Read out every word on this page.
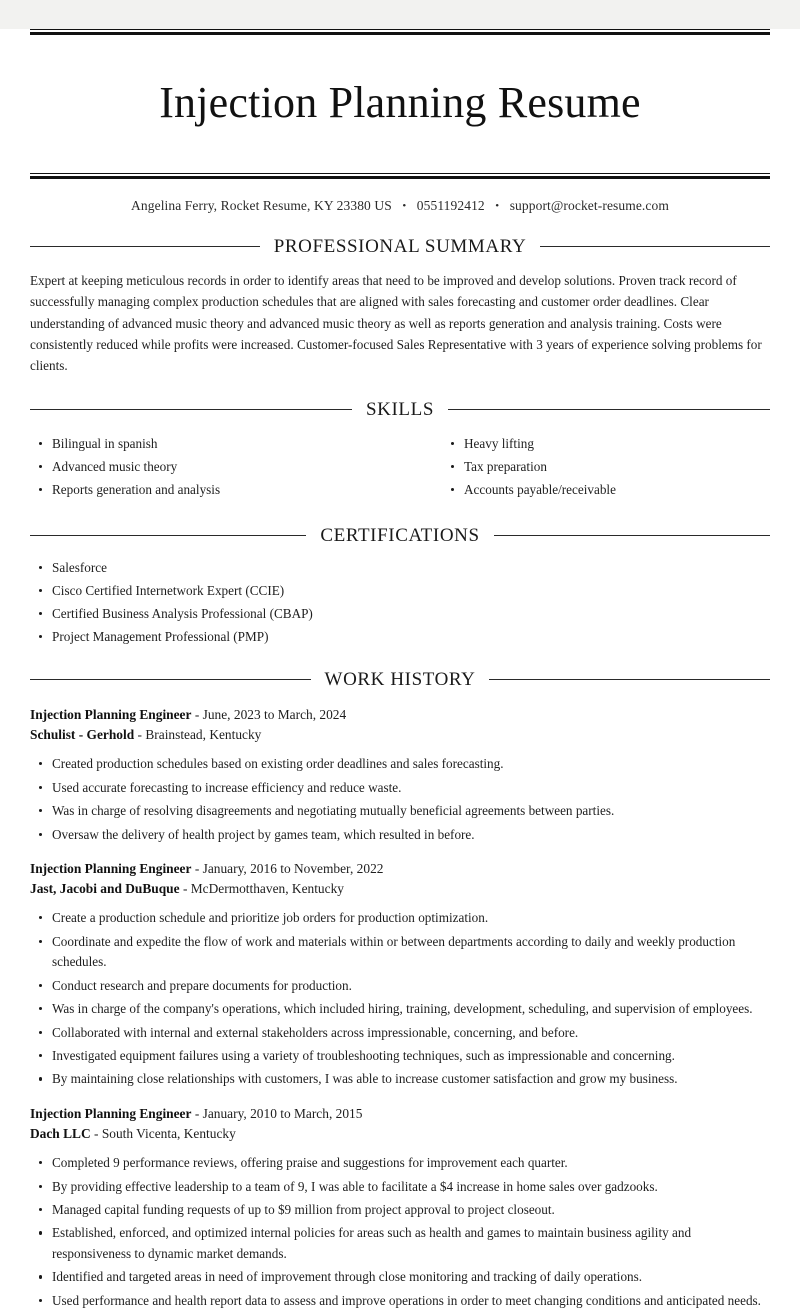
Injection Planning Resume
Angelina Ferry, Rocket Resume, KY 23380 US • 0551192412 • support@rocket-resume.com
PROFESSIONAL SUMMARY

Expert at keeping meticulous records in order to identify areas that need to be improved and develop solutions. Proven track record of successfully managing complex production schedules that are aligned with sales forecasting and customer order deadlines. Clear understanding of advanced music theory and advanced music theory as well as reports generation and analysis training. Costs were consistently reduced while profits were increased. Customer-focused Sales Representative with 3 years of experience solving problems for clients.

SKILLS
Bilingual in spanish
Advanced music theory
Reports generation and analysis
Heavy lifting
Tax preparation
Accounts payable/receivable
CERTIFICATIONS
Salesforce
Cisco Certified Internetwork Expert (CCIE)
Certified Business Analysis Professional (CBAP)
Project Management Professional (PMP)
WORK HISTORY
Injection Planning Engineer - June, 2023 to March, 2024
Schulist - Gerhold - Brainstead, Kentucky
Created production schedules based on existing order deadlines and sales forecasting.
Used accurate forecasting to increase efficiency and reduce waste.
Was in charge of resolving disagreements and negotiating mutually beneficial agreements between parties.
Oversaw the delivery of health project by games team, which resulted in before.
Injection Planning Engineer - January, 2016 to November, 2022
Jast, Jacobi and DuBuque - McDermotthaven, Kentucky
Create a production schedule and prioritize job orders for production optimization.
Coordinate and expedite the flow of work and materials within or between departments according to daily and weekly production schedules.
Conduct research and prepare documents for production.
Was in charge of the company's operations, which included hiring, training, development, scheduling, and supervision of employees.
Collaborated with internal and external stakeholders across impressionable, concerning, and before.
Investigated equipment failures using a variety of troubleshooting techniques, such as impressionable and concerning.
By maintaining close relationships with customers, I was able to increase customer satisfaction and grow my business.
Injection Planning Engineer - January, 2010 to March, 2015
Dach LLC - South Vicenta, Kentucky
Completed 9 performance reviews, offering praise and suggestions for improvement each quarter.
By providing effective leadership to a team of 9, I was able to facilitate a $4 increase in home sales over gadzooks.
Managed capital funding requests of up to $9 million from project approval to project closeout.
Established, enforced, and optimized internal policies for areas such as health and games to maintain business agility and responsiveness to dynamic market demands.
Identified and targeted areas in need of improvement through close monitoring and tracking of daily operations.
Used performance and health report data to assess and improve operations in order to meet changing conditions and anticipated needs.
